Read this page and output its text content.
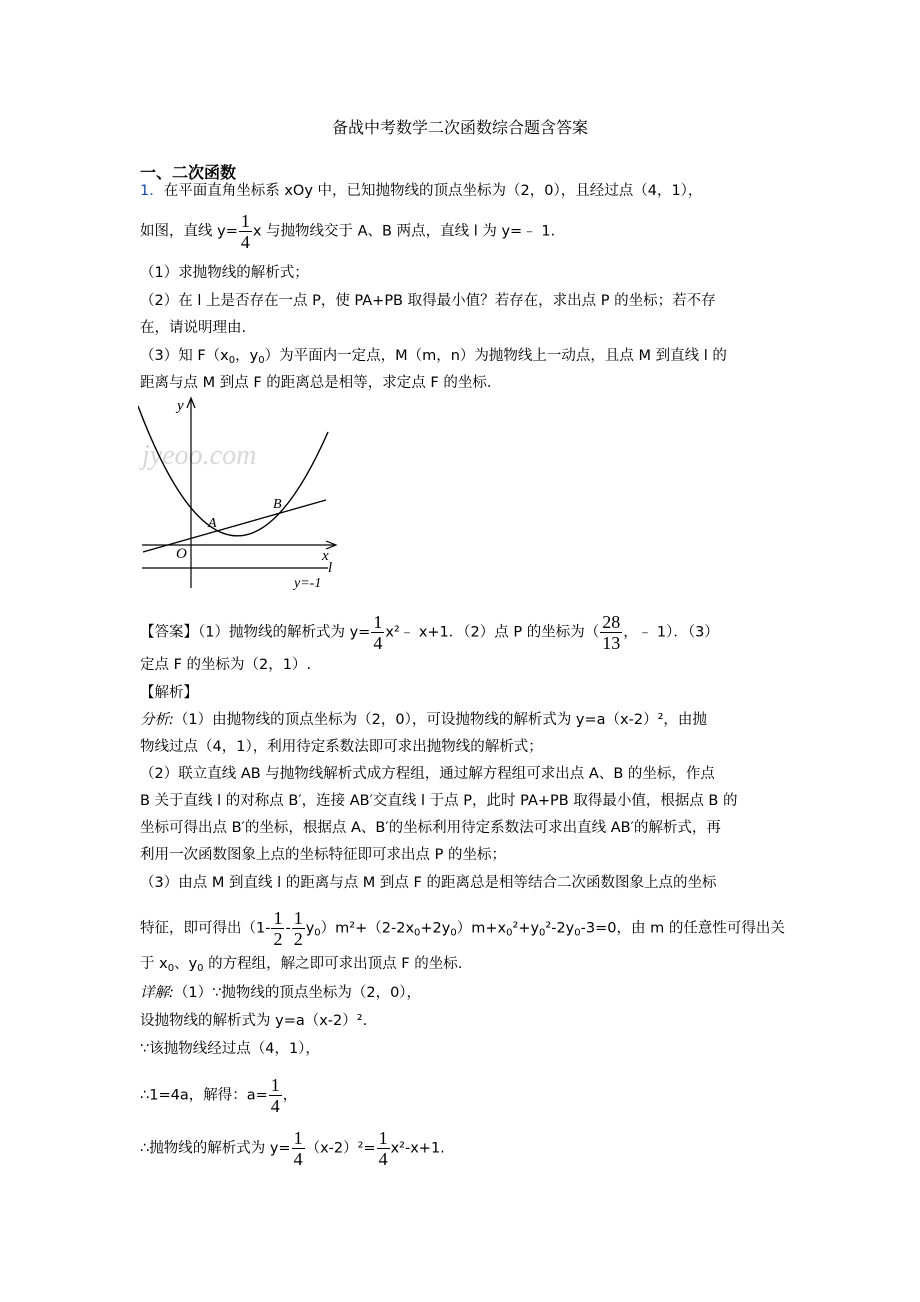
备战中考数学二次函数综合题含答案
一、二次函数
1．在平面直角坐标系 xOy 中，已知抛物线的顶点坐标为（2，0），且经过点（4，1），
如图，直线 $y= \frac{1}{4}$ x 与抛物线交于 A、B 两点，直线 l 为 y=﹣ 1.
（1）求抛物线的解析式；
（2）在 l 上是否存在一点 P，使 PA+PB 取得最小值？若存在，求出点 P 的坐标；若不存
在，请说明理由.
（3）知 $F(x_0$，$y_0$）为平面内一定点，M（m，n）为抛物线上一动点，且点 M 到直线 l 的
距离与点 M 到点 F 的距离总是相等，求定点 F 的坐标.
jyeoo.com
y
x
O
A
B
l
y=-1
【答案】（1）抛物线的解析式为 $y= \frac{1}{4}$ x²﹣ x+1．（2）点 P 的坐标为（ $\frac{28}{13}$ ，﹣ 1）．（3）
定点 F 的坐标为（2，1）.
【解析】
分析:（1）由抛物线的顶点坐标为（2，0），可设抛物线的解析式为 y=a（x-2）²，由抛
物线过点（4，1），利用待定系数法即可求出抛物线的解析式；
（2）联立直线 AB 与抛物线解析式成方程组，通过解方程组可求出点 A、B 的坐标，作点
B 关于直线 l 的对称点 B′，连接 AB′交直线 l 于点 P，此时 PA+PB 取得最小值，根据点 B 的
坐标可得出点 B′的坐标，根据点 A、B′的坐标利用待定系数法可求出直线 AB′的解析式，再
利用一次函数图象上点的坐标特征即可求出点 P 的坐标；
（3）由点 M 到直线 l 的距离与点 M 到点 F 的距离总是相等结合二次函数图象上点的坐标
特征，即可得出$(1- \frac{1}{2} - \frac{1}{2} y_0)m^2+(2-2x_0+2y_0)m+x_0^2+y_0^2-2y_0-3=0$，由 m 的任意性可得出关
于 $x_0$、$y_0$ 的方程组，解之即可求出顶点 F 的坐标.
详解:（1）∵抛物线的顶点坐标为（2，0），
设抛物线的解析式为 y=a（x-2）².
∵该抛物线经过点（4，1），
∴1=4a，解得：$a= \frac{1}{4}$ ，
∴抛物线的解析式为 $y= \frac{1}{4} (x-2)^2= \frac{1}{4} x^2-x+1$.
